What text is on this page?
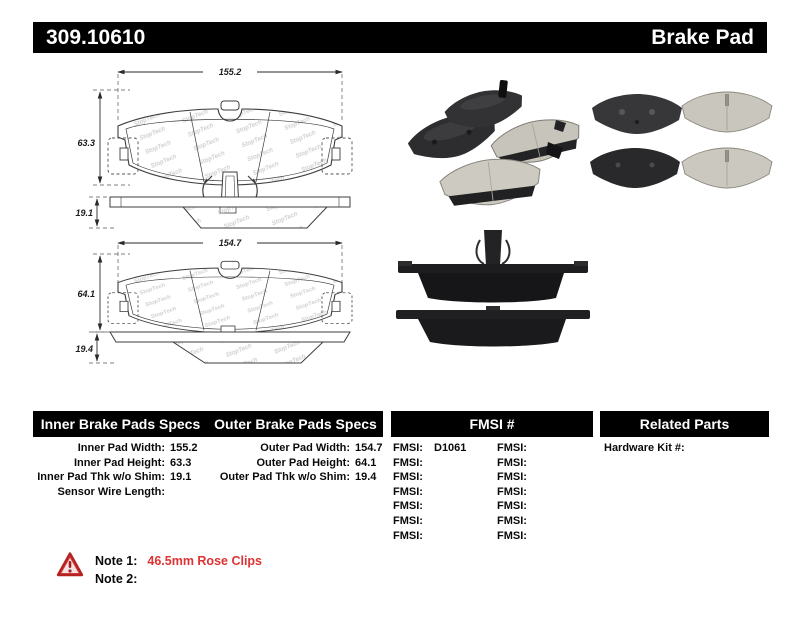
309.10610	Brake Pad
155.2
63.3
19.1
154.7
64.1
19.4
Inner Brake Pads Specs Outer Brake Pads Specs	FMSI #	Related Parts
Inner Pad Width: 155.2
Inner Pad Height: 63.3
Inner Pad Thk w/o Shim: 19.1
Sensor Wire Length:
Outer Pad Width: 154.7
Outer Pad Height: 64.1
Outer Pad Thk w/o Shim: 19.4
FMSI:	D1061
FMSI:
FMSI:
FMSI:
FMSI:
FMSI:
FMSI:
FMSI:
FMSI:
FMSI:
FMSI:
FMSI:
FMSI:
FMSI:
Hardware Kit #:
Note 1: 46.5mm Rose Clips
Note 2:
